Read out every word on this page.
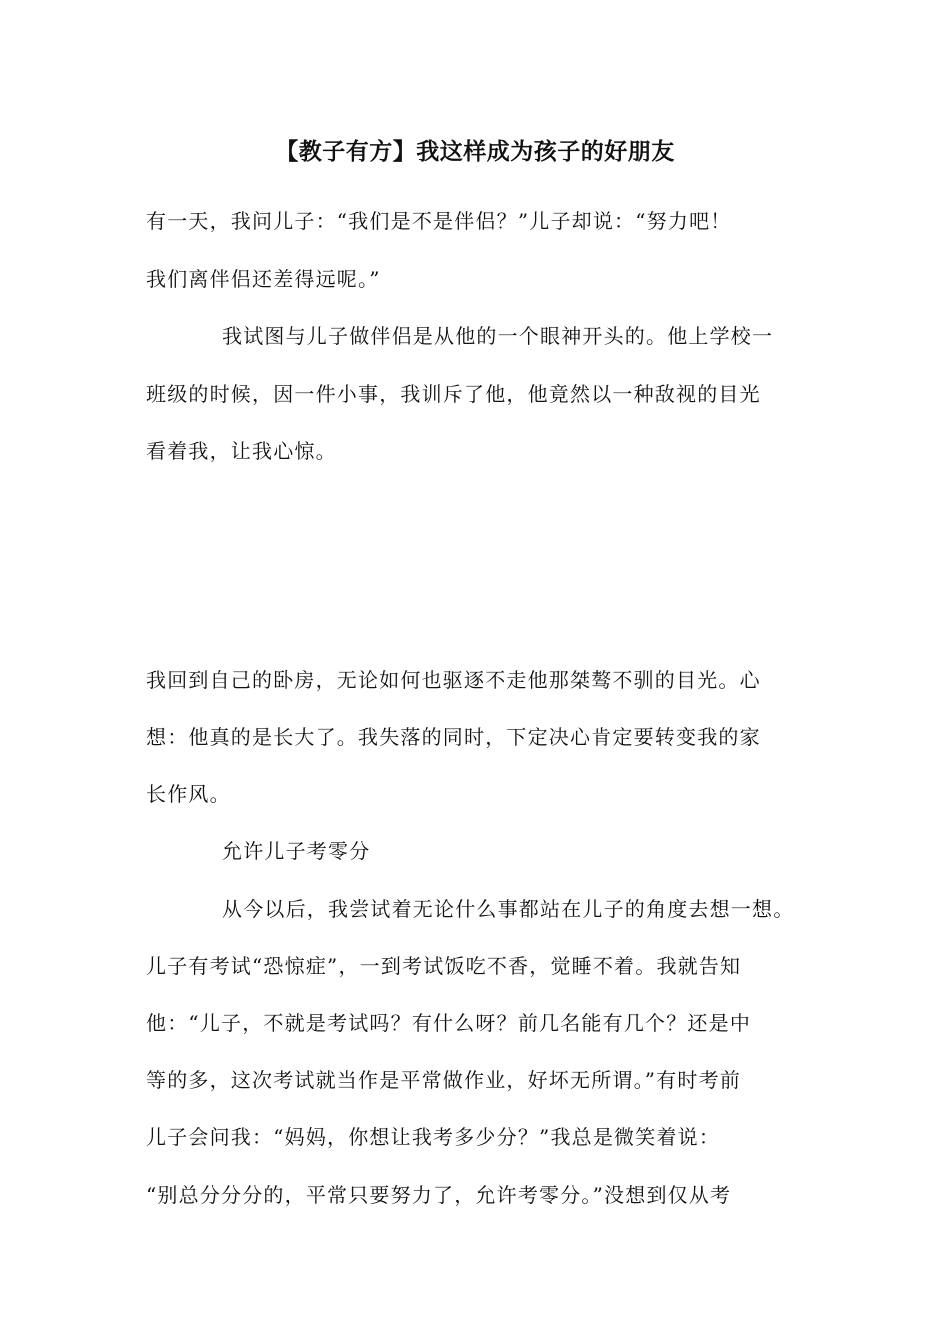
【教子有方】我这样成为孩子的好朋友
有一天，我问儿子：“我们是不是伴侣？”儿子却说：“努力吧！
我们离伴侣还差得远呢。”
我试图与儿子做伴侣是从他的一个眼神开头的。他上学校一
班级的时候，因一件小事，我训斥了他，他竟然以一种敌视的目光
看着我，让我心惊。
我回到自己的卧房，无论如何也驱逐不走他那桀骜不驯的目光。心
想：他真的是长大了。我失落的同时，下定决心肯定要转变我的家
长作风。
允许儿子考零分
从今以后，我尝试着无论什么事都站在儿子的角度去想一想。
儿子有考试“恐惊症”，一到考试饭吃不香，觉睡不着。我就告知
他：“儿子，不就是考试吗？有什么呀？前几名能有几个？还是中
等的多，这次考试就当作是平常做作业，好坏无所谓。”有时考前
儿子会问我：“妈妈，你想让我考多少分？”我总是微笑着说：
“别总分分分的，平常只要努力了，允许考零分。”没想到仅从考
